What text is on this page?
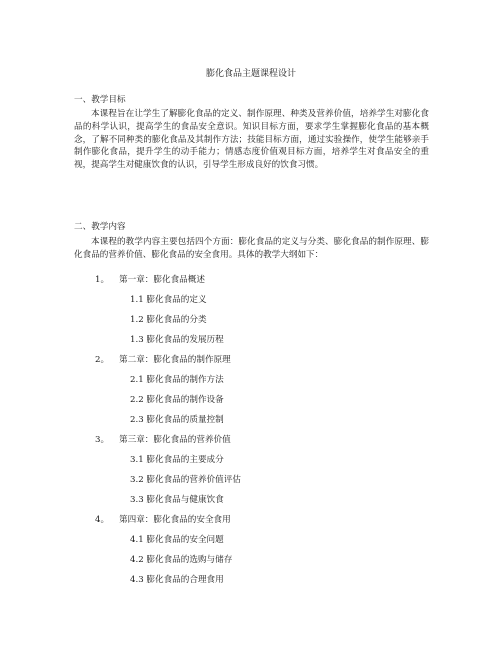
膨化食品主题课程设计
一、教学目标
本课程旨在让学生了解膨化食品的定义、制作原理、种类及营养价值，培养学生对膨化食品的科学认识，提高学生的食品安全意识。知识目标方面，要求学生掌握膨化食品的基本概念，了解不同种类的膨化食品及其制作方法；技能目标方面，通过实验操作，使学生能够亲手制作膨化食品，提升学生的动手能力；情感态度价值观目标方面，培养学生对食品安全的重视，提高学生对健康饮食的认识，引导学生形成良好的饮食习惯。
二、教学内容
本课程的教学内容主要包括四个方面：膨化食品的定义与分类、膨化食品的制作原理、膨化食品的营养价值、膨化食品的安全食用。具体的教学大纲如下：
1。 第一章：膨化食品概述
1.1 膨化食品的定义
1.2 膨化食品的分类
1.3 膨化食品的发展历程
2。 第二章：膨化食品的制作原理
2.1 膨化食品的制作方法
2.2 膨化食品的制作设备
2.3 膨化食品的质量控制
3。 第三章：膨化食品的营养价值
3.1 膨化食品的主要成分
3.2 膨化食品的营养价值评估
3.3 膨化食品与健康饮食
4。 第四章：膨化食品的安全食用
4.1 膨化食品的安全问题
4.2 膨化食品的选购与储存
4.3 膨化食品的合理食用
